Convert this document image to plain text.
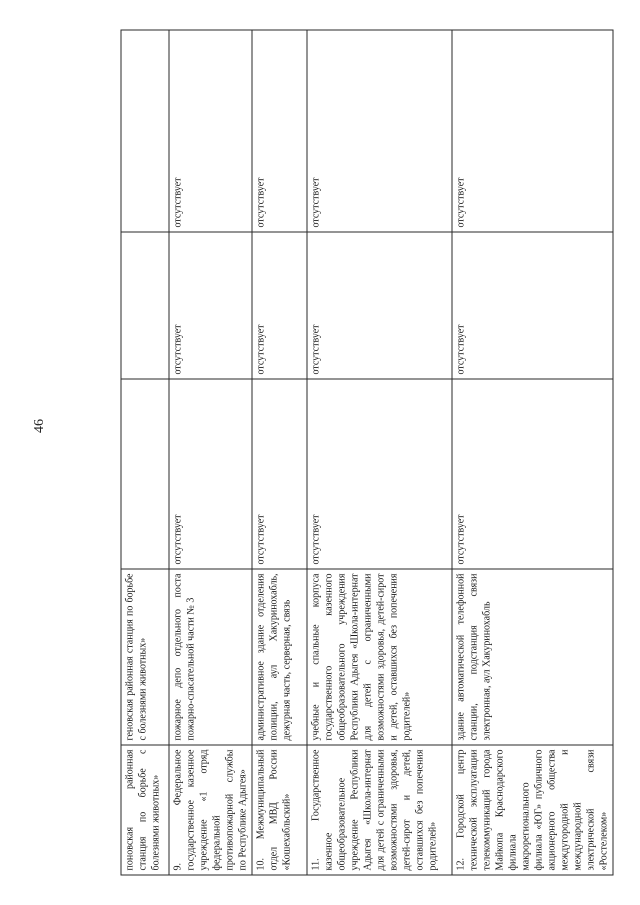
46
поновская районная станция по борьбе с болезнями животных»	геновская районная станция по борьбе с болезнями животных»			

9. Федеральное государственное казенное учреждение «1 отряд федеральной противопожарной службы по Республике Адыгея»	пожарное депо отдельного поста пожарно-спасательной части № 3	отсутствует	отсутствует	отсутствует

10. Межмуниципальный отдел МВД России «Кошехабльский»	административное здание отделения полиции, аул Хакуринохабль, дежурная часть, серверная, связь	отсутствует	отсутствует	отсутствует

11. Государственное казенное общеобразовательное учреждение Республики Адыгея «Школа-интернат для детей с ограниченными возможностями здоровья, детей-сирот и детей, оставшихся без попечения родителей»	учебные и спальные корпуса государственного казенного общеобразовательного учреждения Республики Адыгея «Школа-интернат для детей с ограниченными возможностями здоровья, детей-сирот и детей, оставшихся без попечения родителей»	отсутствует	отсутствует	отсутствует

12. Городской центр технической эксплуатации телекоммуникаций города Майкопа Краснодарского филиала макрорегионального филиала «ЮГ» публичного акционерного общества междугородной и международной электрической связи «Ростелеком»	здание автоматической телефонной станции, подстанция связи электронная, аул Хакуринохабль	отсутствует	отсутствует	отсутствует
